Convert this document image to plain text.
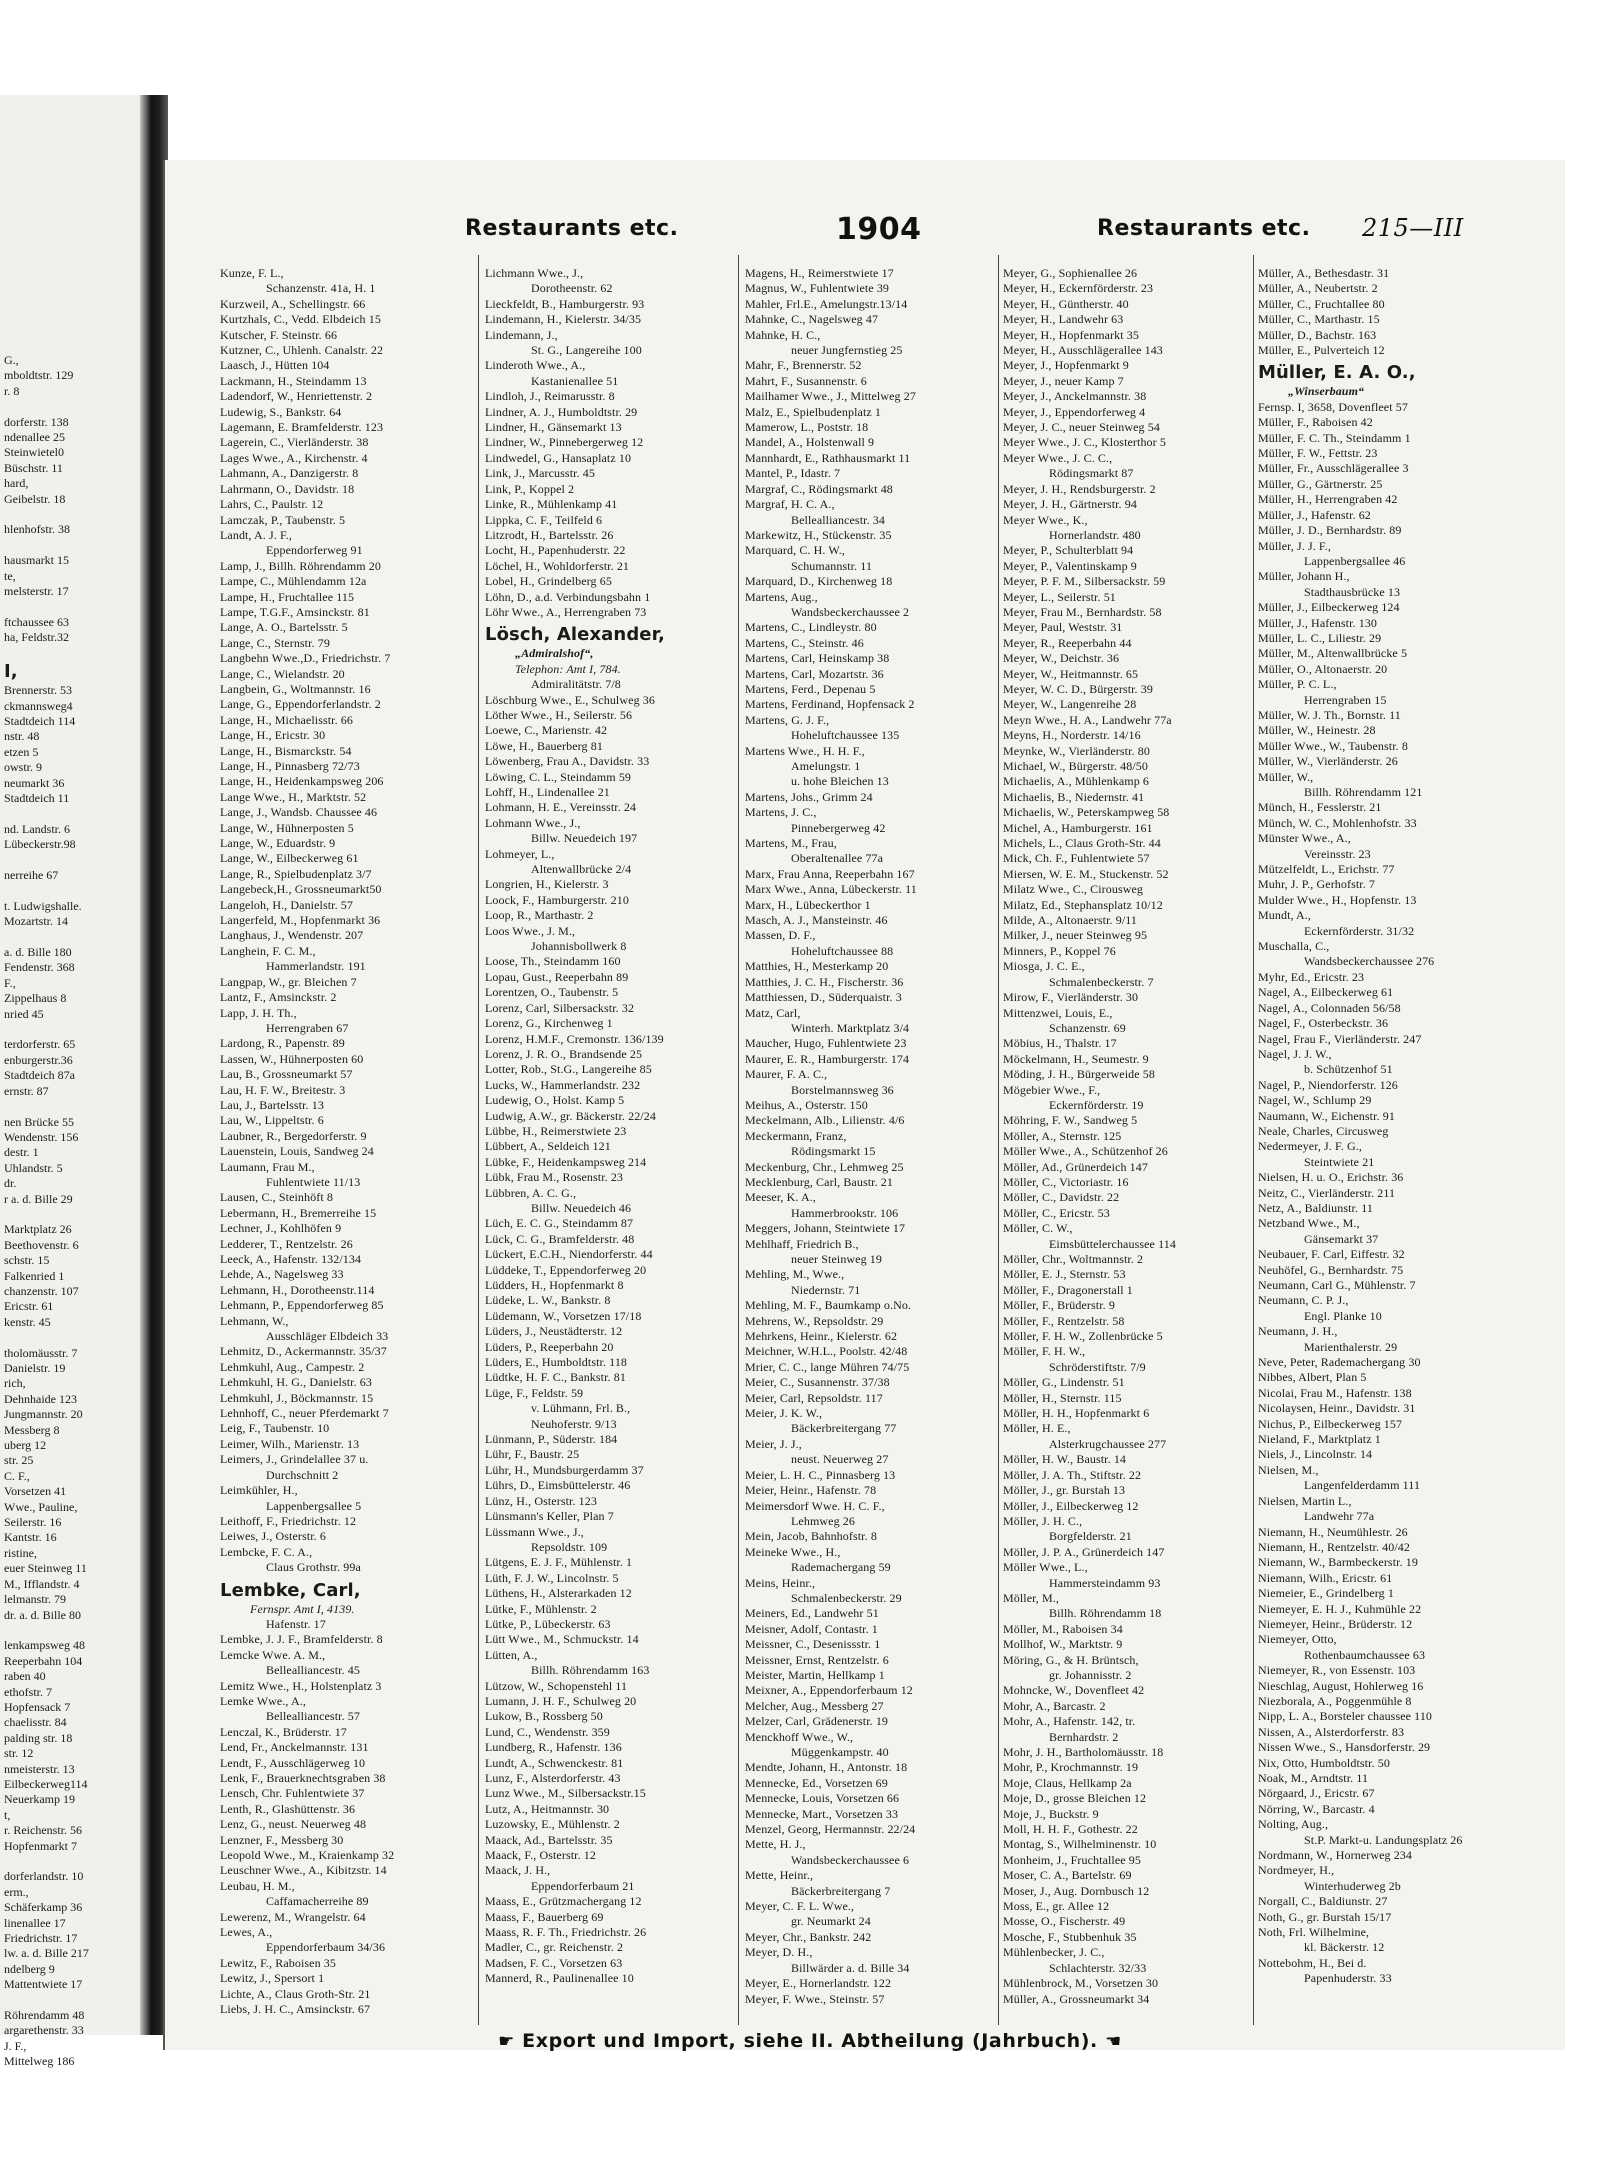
G.,
mboldtstr. 129
r. 8

dorferstr. 138
ndenallee 25
Steinwietel0
Büschstr. 11
hard,
Geibelstr. 18

hlenhofstr. 38

hausmarkt 15
te,
melsterstr. 17

ftchaussee 63
ha, Feldstr.32

I,
Brennerstr. 53
ckmannsweg4
Stadtdeich 114
nstr. 48
etzen 5
owstr. 9
neumarkt 36
Stadtdeich 11

nd. Landstr. 6
Lübeckerstr.98

nerreihe 67

t. Ludwigshalle.
Mozartstr. 14

a. d. Bille 180
Fendenstr. 368
F.,
Zippelhaus 8
nried 45

terdorferstr. 65
enburgerstr.36
Stadtdeich 87a
ernstr. 87

nen Brücke 55
Wendenstr. 156
destr. 1
Uhlandstr. 5
dr.
r a. d. Bille 29

Marktplatz 26
Beethovenstr. 6
schstr. 15
Falkenried 1
chanzenstr. 107
Ericstr. 61
kenstr. 45

tholomäusstr. 7
Danielstr. 19
rich,
Dehnhaide 123
Jungmannstr. 20
Messberg 8
uberg 12
str. 25
C. F.,
Vorsetzen 41
Wwe., Pauline,
Seilerstr. 16
Kantstr. 16
ristine,
euer Steinweg 11
M., Ifflandstr. 4
lelmanstr. 79
dr. a. d. Bille 80

lenkampsweg 48
Reeperbahn 104
raben 40
ethofstr. 7
Hopfensack 7
chaelisstr. 84
palding str. 18
str. 12
nmeisterstr. 13
Eilbeckerweg114
Neuerkamp 19
t,
r. Reichenstr. 56
Hopfenmarkt 7

dorferlandstr. 10
erm.,
Schäferkamp 36
linenallee 17
Friedrichstr. 17
lw. a. d. Bille 217
ndelberg 9
Mattentwiete 17

Röhrendamm 48
argarethenstr. 33
J. F.,
Mittelweg 186
Restaurants etc.	1904	Restaurants etc. 215—III
Kunze, F. L.,
Schanzenstr. 41a, H. 1
Kurzweil, A., Schellingstr. 66
Kurtzhals, C., Vedd. Elbdeich 15
Kutscher, F. Steinstr. 66
Kutzner, C., Uhlenh. Canalstr. 22
Laasch, J., Hütten 104
Lackmann, H., Steindamm 13
Ladendorf, W., Henriettenstr. 2
Ludewig, S., Bankstr. 64
Lagemann, E. Bramfelderstr. 123
Lagerein, C., Vierländerstr. 38
Lages Wwe., A., Kirchenstr. 4
Lahmann, A., Danzigerstr. 8
Lahrmann, O., Davidstr. 18
Lahrs, C., Paulstr. 12
Lamczak, P., Taubenstr. 5
Landt, A. J. F.,
Eppendorferweg 91
Lamp, J., Billh. Röhrendamm 20
Lampe, C., Mühlendamm 12a
Lampe, H., Fruchtallee 115
Lampe, T.G.F., Amsinckstr. 81
Lange, A. O., Bartelsstr. 5
Lange, C., Sternstr. 79
Langbehn Wwe.,D., Friedrichstr. 7
Lange, C., Wielandstr. 20
Langbein, G., Woltmannstr. 16
Lange, G., Eppendorferlandstr. 2
Lange, H., Michaelisstr. 66
Lange, H., Ericstr. 30
Lange, H., Bismarckstr. 54
Lange, H., Pinnasberg 72/73
Lange, H., Heidenkampsweg 206
Lange Wwe., H., Marktstr. 52
Lange, J., Wandsb. Chaussee 46
Lange, W., Hühnerposten 5
Lange, W., Eduardstr. 9
Lange, W., Eilbeckerweg 61
Lange, R., Spielbudenplatz 3/7
Langebeck,H., Grossneumarkt50
Langeloh, H., Danielstr. 57
Langerfeld, M., Hopfenmarkt 36
Langhaus, J., Wendenstr. 207
Langhein, F. C. M.,
Hammerlandstr. 191
Langpap, W., gr. Bleichen 7
Lantz, F., Amsinckstr. 2
Lapp, J. H. Th.,
Herrengraben 67
Lardong, R., Papenstr. 89
Lassen, W., Hühnerposten 60
Lau, B., Grossneumarkt 57
Lau, H. F. W., Breitestr. 3
Lau, J., Bartelsstr. 13
Lau, W., Lippeltstr. 6
Laubner, R., Bergedorferstr. 9
Lauenstein, Louis, Sandweg 24
Laumann, Frau M.,
Fuhlentwiete 11/13
Lausen, C., Steinhöft 8
Lebermann, H., Bremerreihe 15
Lechner, J., Kohlhöfen 9
Ledderer, T., Rentzelstr. 26
Leeck, A., Hafenstr. 132/134
Lehde, A., Nagelsweg 33
Lehmann, H., Dorotheenstr.114
Lehmann, P., Eppendorferweg 85
Lehmann, W.,
Ausschläger Elbdeich 33
Lehmitz, D., Ackermannstr. 35/37
Lehmkuhl, Aug., Campestr. 2
Lehmkuhl, H. G., Danielstr. 63
Lehmkuhl, J., Böckmannstr. 15
Lehnhoff, C., neuer Pferdemarkt 7
Leig, F., Taubenstr. 10
Leimer, Wilh., Marienstr. 13
Leimers, J., Grindelallee 37 u.
Durchschnitt 2
Leimkühler, H.,
Lappenbergsallee 5
Leithoff, F., Friedrichstr. 12
Leiwes, J., Osterstr. 6
Lembcke, F. C. A.,
Claus Grothstr. 99a
Lembke, Carl,
Fernspr. Amt I, 4139.
Hafenstr. 17
Lembke, J. J. F., Bramfelderstr. 8
Lemcke Wwe. A. M.,
Bellealliancestr. 45
Lemitz Wwe., H., Holstenplatz 3
Lemke Wwe., A.,
Bellealliancestr. 57
Lenczal, K., Brüderstr. 17
Lend, Fr., Anckelmannstr. 131
Lendt, F., Ausschlägerweg 10
Lenk, F., Brauerknechtsgraben 38
Lensch, Chr. Fuhlentwiete 37
Lenth, R., Glashüttenstr. 36
Lenz, G., neust. Neuerweg 48
Lenzner, F., Messberg 30
Leopold Wwe., M., Kraienkamp 32
Leuschner Wwe., A., Kibitzstr. 14
Leubau, H. M.,
Caffamacherreihe 89
Lewerenz, M., Wrangelstr. 64
Lewes, A.,
Eppendorferbaum 34/36
Lewitz, F., Raboisen 35
Lewitz, J., Spersort 1
Lichte, A., Claus Groth-Str. 21
Liebs, J. H. C., Amsinckstr. 67
Lichmann Wwe., J.,
Dorotheenstr. 62
Lieckfeldt, B., Hamburgerstr. 93
Lindemann, H., Kielerstr. 34/35
Lindemann, J.,
St. G., Langereihe 100
Linderoth Wwe., A.,
Kastanienallee 51
Lindloh, J., Reimarusstr. 8
Lindner, A. J., Humboldtstr. 29
Lindner, H., Gänsemarkt 13
Lindner, W., Pinnebergerweg 12
Lindwedel, G., Hansaplatz 10
Link, J., Marcusstr. 45
Link, P., Koppel 2
Linke, R., Mühlenkamp 41
Lippka, C. F., Teilfeld 6
Litzrodt, H., Bartelsstr. 26
Locht, H., Papenhuderstr. 22
Löchel, H., Wohldorferstr. 21
Lobel, H., Grindelberg 65
Löhn, D., a.d. Verbindungsbahn 1
Löhr Wwe., A., Herrengraben 73
Lösch, Alexander,
„Admiralshof“,
Telephon: Amt I, 784.
Admiralitätstr. 7/8
Löschburg Wwe., E., Schulweg 36
Löther Wwe., H., Seilerstr. 56
Loewe, C., Marienstr. 42
Löwe, H., Bauerberg 81
Löwenberg, Frau A., Davidstr. 33
Löwing, C. L., Steindamm 59
Lohff, H., Lindenallee 21
Lohmann, H. E., Vereinsstr. 24
Lohmann Wwe., J.,
Billw. Neuedeich 197
Lohmeyer, L.,
Altenwallbrücke 2/4
Longrien, H., Kielerstr. 3
Loock, F., Hamburgerstr. 210
Loop, R., Marthastr. 2
Loos Wwe., J. M.,
Johannisbollwerk 8
Loose, Th., Steindamm 160
Lopau, Gust., Reeperbahn 89
Lorentzen, O., Taubenstr. 5
Lorenz, Carl, Silbersackstr. 32
Lorenz, G., Kirchenweg 1
Lorenz, H.M.F., Cremonstr. 136/139
Lorenz, J. R. O., Brandsende 25
Lotter, Rob., St.G., Langereihe 85
Lucks, W., Hammerlandstr. 232
Ludewig, O., Holst. Kamp 5
Ludwig, A.W., gr. Bäckerstr. 22/24
Lübbe, H., Reimerstwiete 23
Lübbert, A., Seldeich 121
Lübke, F., Heidenkampsweg 214
Lübk, Frau M., Rosenstr. 23
Lübbren, A. C. G.,
Billw. Neuedeich 46
Lüch, E. C. G., Steindamm 87
Lück, C. G., Bramfelderstr. 48
Lückert, E.C.H., Niendorferstr. 44
Lüddeke, T., Eppendorferweg 20
Lüdders, H., Hopfenmarkt 8
Lüdeke, L. W., Bankstr. 8
Lüdemann, W., Vorsetzen 17/18
Lüders, J., Neustädterstr. 12
Lüders, P., Reeperbahn 20
Lüders, E., Humboldtstr. 118
Lüdtke, H. F. C., Bankstr. 81
Lüge, F., Feldstr. 59
v. Lühmann, Frl. B.,
Neuhoferstr. 9/13
Lünmann, P., Süderstr. 184
Lühr, F., Baustr. 25
Lühr, H., Mundsburgerdamm 37
Lührs, D., Eimsbüttelerstr. 46
Lünz, H., Osterstr. 123
Lünsmann's Keller, Plan 7
Lüssmann Wwe., J.,
Repsoldstr. 109
Lütgens, E. J. F., Mühlenstr. 1
Lüth, F. J. W., Lincolnstr. 5
Lüthens, H., Alsterarkaden 12
Lütke, F., Mühlenstr. 2
Lütke, P., Lübeckerstr. 63
Lütt Wwe., M., Schmuckstr. 14
Lütten, A.,
Billh. Röhrendamm 163
Lützow, W., Schopenstehl 11
Lumann, J. H. F., Schulweg 20
Lukow, B., Rossberg 50
Lund, C., Wendenstr. 359
Lundberg, R., Hafenstr. 136
Lundt, A., Schwenckestr. 81
Lunz, F., Alsterdorferstr. 43
Lunz Wwe., M., Silbersackstr.15
Lutz, A., Heitmannstr. 30
Luzowsky, E., Mühlenstr. 2
Maack, Ad., Bartelsstr. 35
Maack, F., Osterstr. 12
Maack, J. H.,
Eppendorferbaum 21
Maass, E., Grützmachergang 12
Maass, F., Bauerberg 69
Maass, R. F. Th., Friedrichstr. 26
Madler, C., gr. Reichenstr. 2
Madsen, F. C., Vorsetzen 63
Mannerd, R., Paulinenallee 10
Magens, H., Reimerstwiete 17
Magnus, W., Fuhlentwiete 39
Mahler, Frl.E., Amelungstr.13/14
Mahnke, C., Nagelsweg 47
Mahnke, H. C.,
neuer Jungfernstieg 25
Mahr, F., Brennerstr. 52
Mahrt, F., Susannenstr. 6
Mailhamer Wwe., J., Mittelweg 27
Malz, E., Spielbudenplatz 1
Mamerow, L., Poststr. 18
Mandel, A., Holstenwall 9
Mannhardt, E., Rathhausmarkt 11
Mantel, P., Idastr. 7
Margraf, C., Rödingsmarkt 48
Margraf, H. C. A.,
Bellealliancestr. 34
Markewitz, H., Stückenstr. 35
Marquard, C. H. W.,
Schumannstr. 11
Marquard, D., Kirchenweg 18
Martens, Aug.,
Wandsbeckerchaussee 2
Martens, C., Lindleystr. 80
Martens, C., Steinstr. 46
Martens, Carl, Heinskamp 38
Martens, Carl, Mozartstr. 36
Martens, Ferd., Depenau 5
Martens, Ferdinand, Hopfensack 2
Martens, G. J. F.,
Hoheluftchaussee 135
Martens Wwe., H. H. F.,
Amelungstr. 1
u. hohe Bleichen 13
Martens, Johs., Grimm 24
Martens, J. C.,
Pinnebergerweg 42
Martens, M., Frau,
Oberaltenallee 77a
Marx, Frau Anna, Reeperbahn 167
Marx Wwe., Anna, Lübeckerstr. 11
Marx, H., Lübeckerthor 1
Masch, A. J., Mansteinstr. 46
Massen, D. F.,
Hoheluftchaussee 88
Matthies, H., Mesterkamp 20
Matthies, J. C. H., Fischerstr. 36
Matthiessen, D., Süderquaistr. 3
Matz, Carl,
Winterh. Marktplatz 3/4
Maucher, Hugo, Fuhlentwiete 23
Maurer, E. R., Hamburgerstr. 174
Maurer, F. A. C.,
Borstelmannsweg 36
Meihus, A., Osterstr. 150
Meckelmann, Alb., Lilienstr. 4/6
Meckermann, Franz,
Rödingsmarkt 15
Meckenburg, Chr., Lehmweg 25
Mecklenburg, Carl, Baustr. 21
Meeser, K. A.,
Hammerbrookstr. 106
Meggers, Johann, Steintwiete 17
Mehlhaff, Friedrich B.,
neuer Steinweg 19
Mehling, M., Wwe.,
Niedernstr. 71
Mehling, M. F., Baumkamp o.No.
Mehrens, W., Repsoldstr. 29
Mehrkens, Heinr., Kielerstr. 62
Meichner, W.H.L., Poolstr. 42/48
Mrier, C. C., lange Mühren 74/75
Meier, C., Susannenstr. 37/38
Meier, Carl, Repsoldstr. 117
Meier, J. K. W.,
Bäckerbreitergang 77
Meier, J. J.,
neust. Neuerweg 27
Meier, L. H. C., Pinnasberg 13
Meier, Heinr., Hafenstr. 78
Meimersdorf Wwe. H. C. F.,
Lehmweg 26
Mein, Jacob, Bahnhofstr. 8
Meineke Wwe., H.,
Rademachergang 59
Meins, Heinr.,
Schmalenbeckerstr. 29
Meiners, Ed., Landwehr 51
Meisner, Adolf, Contastr. 1
Meissner, C., Desenissstr. 1
Meissner, Ernst, Rentzelstr. 6
Meister, Martin, Hellkamp 1
Meixner, A., Eppendorferbaum 12
Melcher, Aug., Messberg 27
Melzer, Carl, Grädenerstr. 19
Menckhoff Wwe., W.,
Müggenkampstr. 40
Mendte, Johann, H., Antonstr. 18
Mennecke, Ed., Vorsetzen 69
Mennecke, Louis, Vorsetzen 66
Mennecke, Mart., Vorsetzen 33
Menzel, Georg, Hermannstr. 22/24
Mette, H. J.,
Wandsbeckerchaussee 6
Mette, Heinr.,
Bäckerbreitergang 7
Meyer, C. F. L. Wwe.,
gr. Neumarkt 24
Meyer, Chr., Bankstr. 242
Meyer, D. H.,
Billwärder a. d. Bille 34
Meyer, E., Hornerlandstr. 122
Meyer, F. Wwe., Steinstr. 57
Meyer, G., Sophienallee 26
Meyer, H., Eckernförderstr. 23
Meyer, H., Güntherstr. 40
Meyer, H., Landwehr 63
Meyer, H., Hopfenmarkt 35
Meyer, H., Ausschlägerallee 143
Meyer, J., Hopfenmarkt 9
Meyer, J., neuer Kamp 7
Meyer, J., Anckelmannstr. 38
Meyer, J., Eppendorferweg 4
Meyer, J. C., neuer Steinweg 54
Meyer Wwe., J. C., Klosterthor 5
Meyer Wwe., J. C. C.,
Rödingsmarkt 87
Meyer, J. H., Rendsburgerstr. 2
Meyer, J. H., Gärtnerstr. 94
Meyer Wwe., K.,
Hornerlandstr. 480
Meyer, P., Schulterblatt 94
Meyer, P., Valentinskamp 9
Meyer, P. F. M., Silbersackstr. 59
Meyer, L., Seilerstr. 51
Meyer, Frau M., Bernhardstr. 58
Meyer, Paul, Weststr. 31
Meyer, R., Reeperbahn 44
Meyer, W., Deichstr. 36
Meyer, W., Heitmannstr. 65
Meyer, W. C. D., Bürgerstr. 39
Meyer, W., Langenreihe 28
Meyn Wwe., H. A., Landwehr 77a
Meyns, H., Norderstr. 14/16
Meynke, W., Vierländerstr. 80
Michael, W., Bürgerstr. 48/50
Michaelis, A., Mühlenkamp 6
Michaelis, B., Niedernstr. 41
Michaelis, W., Peterskampweg 58
Michel, A., Hamburgerstr. 161
Michels, L., Claus Groth-Str. 44
Mick, Ch. F., Fuhlentwiete 57
Miersen, W. E. M., Stuckenstr. 52
Milatz Wwe., C., Cirousweg
Milatz, Ed., Stephansplatz 10/12
Milde, A., Altonaerstr. 9/11
Milker, J., neuer Steinweg 95
Minners, P., Koppel 76
Miosga, J. C. E.,
Schmalenbeckerstr. 7
Mirow, F., Vierländerstr. 30
Mittenzwei, Louis, E.,
Schanzenstr. 69
Möbius, H., Thalstr. 17
Möckelmann, H., Seumestr. 9
Möding, J. H., Bürgerweide 58
Mögebier Wwe., F.,
Eckernförderstr. 19
Möhring, F. W., Sandweg 5
Möller, A., Sternstr. 125
Möller Wwe., A., Schützenhof 26
Möller, Ad., Grünerdeich 147
Möller, C., Victoriastr. 16
Möller, C., Davidstr. 22
Möller, C., Ericstr. 53
Möller, C. W.,
Eimsbüttelerchaussee 114
Möller, Chr., Woltmannstr. 2
Möller, E. J., Sternstr. 53
Möller, F., Dragonerstall 1
Möller, F., Brüderstr. 9
Möller, F., Rentzelstr. 58
Möller, F. H. W., Zollenbrücke 5
Möller, F. H. W.,
Schröderstiftstr. 7/9
Möller, G., Lindenstr. 51
Möller, H., Sternstr. 115
Möller, H. H., Hopfenmarkt 6
Möller, H. E.,
Alsterkrugchaussee 277
Möller, H. W., Baustr. 14
Möller, J. A. Th., Stiftstr. 22
Möller, J., gr. Burstah 13
Möller, J., Eilbeckerweg 12
Möller, J. H. C.,
Borgfelderstr. 21
Möller, J. P. A., Grünerdeich 147
Möller Wwe., L.,
Hammersteindamm 93
Möller, M.,
Billh. Röhrendamm 18
Möller, M., Raboisen 34
Mollhof, W., Marktstr. 9
Möring, G., & H. Brüntsch,
gr. Johannisstr. 2
Mohncke, W., Dovenfleet 42
Mohr, A., Barcastr. 2
Mohr, A., Hafenstr. 142, tr.
Bernhardstr. 2
Mohr, J. H., Bartholomäusstr. 18
Mohr, P., Krochmannstr. 19
Moje, Claus, Hellkamp 2a
Moje, D., grosse Bleichen 12
Moje, J., Buckstr. 9
Moll, H. H. F., Gothestr. 22
Montag, S., Wilhelminenstr. 10
Monheim, J., Fruchtallee 95
Moser, C. A., Bartelstr. 69
Moser, J., Aug. Dornbusch 12
Moss, E., gr. Allee 12
Mosse, O., Fischerstr. 49
Mosche, F., Stubbenhuk 35
Mühlenbecker, J. C.,
Schlachterstr. 32/33
Mühlenbrock, M., Vorsetzen 30
Müller, A., Grossneumarkt 34
Müller, A., Bethesdastr. 31
Müller, A., Neubertstr. 2
Müller, C., Fruchtallee 80
Müller, C., Marthastr. 15
Müller, D., Bachstr. 163
Müller, E., Pulverteich 12
Müller, E. A. O.,
„Winserbaum“
Fernsp. I, 3658, Dovenfleet 57
Müller, F., Raboisen 42
Müller, F. C. Th., Steindamm 1
Müller, F. W., Fettstr. 23
Müller, Fr., Ausschlägerallee 3
Müller, G., Gärtnerstr. 25
Müller, H., Herrengraben 42
Müller, J., Hafenstr. 62
Müller, J. D., Bernhardstr. 89
Müller, J. J. F.,
Lappenbergsallee 46
Müller, Johann H.,
Stadthausbrücke 13
Müller, J., Eilbeckerweg 124
Müller, J., Hafenstr. 130
Müller, L. C., Liliestr. 29
Müller, M., Altenwallbrücke 5
Müller, O., Altonaerstr. 20
Müller, P. C. L.,
Herrengraben 15
Müller, W. J. Th., Bornstr. 11
Müller, W., Heinestr. 28
Müller Wwe., W., Taubenstr. 8
Müller, W., Vierländerstr. 26
Müller, W.,
Billh. Röhrendamm 121
Münch, H., Fesslerstr. 21
Münch, W. C., Mohlenhofstr. 33
Münster Wwe., A.,
Vereinsstr. 23
Mützelfeldt, L., Erichstr. 77
Muhr, J. P., Gerhofstr. 7
Mulder Wwe., H., Hopfenstr. 13
Mundt, A.,
Eckernförderstr. 31/32
Muschalla, C.,
Wandsbeckerchaussee 276
Myhr, Ed., Ericstr. 23
Nagel, A., Eilbeckerweg 61
Nagel, A., Colonnaden 56/58
Nagel, F., Osterbeckstr. 36
Nagel, Frau F., Vierländerstr. 247
Nagel, J. J. W.,
b. Schützenhof 51
Nagel, P., Niendorferstr. 126
Nagel, W., Schlump 29
Naumann, W., Eichenstr. 91
Neale, Charles, Circusweg
Nedermeyer, J. F. G.,
Steintwiete 21
Nielsen, H. u. O., Erichstr. 36
Neitz, C., Vierländerstr. 211
Netz, A., Baldiunstr. 11
Netzband Wwe., M.,
Gänsemarkt 37
Neubauer, F. Carl, Eiffestr. 32
Neuhöfel, G., Bernhardstr. 75
Neumann, Carl G., Mühlenstr. 7
Neumann, C. P. J.,
Engl. Planke 10
Neumann, J. H.,
Marienthalerstr. 29
Neve, Peter, Rademachergang 30
Nibbes, Albert, Plan 5
Nicolai, Frau M., Hafenstr. 138
Nicolaysen, Heinr., Davidstr. 31
Nichus, P., Eilbeckerweg 157
Nieland, F., Marktplatz 1
Niels, J., Lincolnstr. 14
Nielsen, M.,
Langenfelderdamm 111
Nielsen, Martin L.,
Landwehr 77a
Niemann, H., Neumühlestr. 26
Niemann, H., Rentzelstr. 40/42
Niemann, W., Barmbeckerstr. 19
Niemann, Wilh., Ericstr. 61
Niemeier, E., Grindelberg 1
Niemeyer, E. H. J., Kuhmühle 22
Niemeyer, Heinr., Brüderstr. 12
Niemeyer, Otto,
Rothenbaumchaussee 63
Niemeyer, R., von Essenstr. 103
Nieschlag, August, Hohlerweg 16
Niezborala, A., Poggenmühle 8
Nipp, L. A., Borsteler chaussee 110
Nissen, A., Alsterdorferstr. 83
Nissen Wwe., S., Hansdorferstr. 29
Nix, Otto, Humboldtstr. 50
Noak, M., Arndtstr. 11
Nörgaard, J., Ericstr. 67
Nörring, W., Barcastr. 4
Nolting, Aug.,
St.P. Markt-u. Landungsplatz 26
Nordmann, W., Hornerweg 234
Nordmeyer, H.,
Winterhuderweg 2b
Norgall, C., Baldiunstr. 27
Noth, G., gr. Burstah 15/17
Noth, Frl. Wilhelmine,
kl. Bäckerstr. 12
Nottebohm, H., Bei d.
Papenhuderstr. 33
☛ Export und Import, siehe II. Abtheilung (Jahrbuch). ☚
